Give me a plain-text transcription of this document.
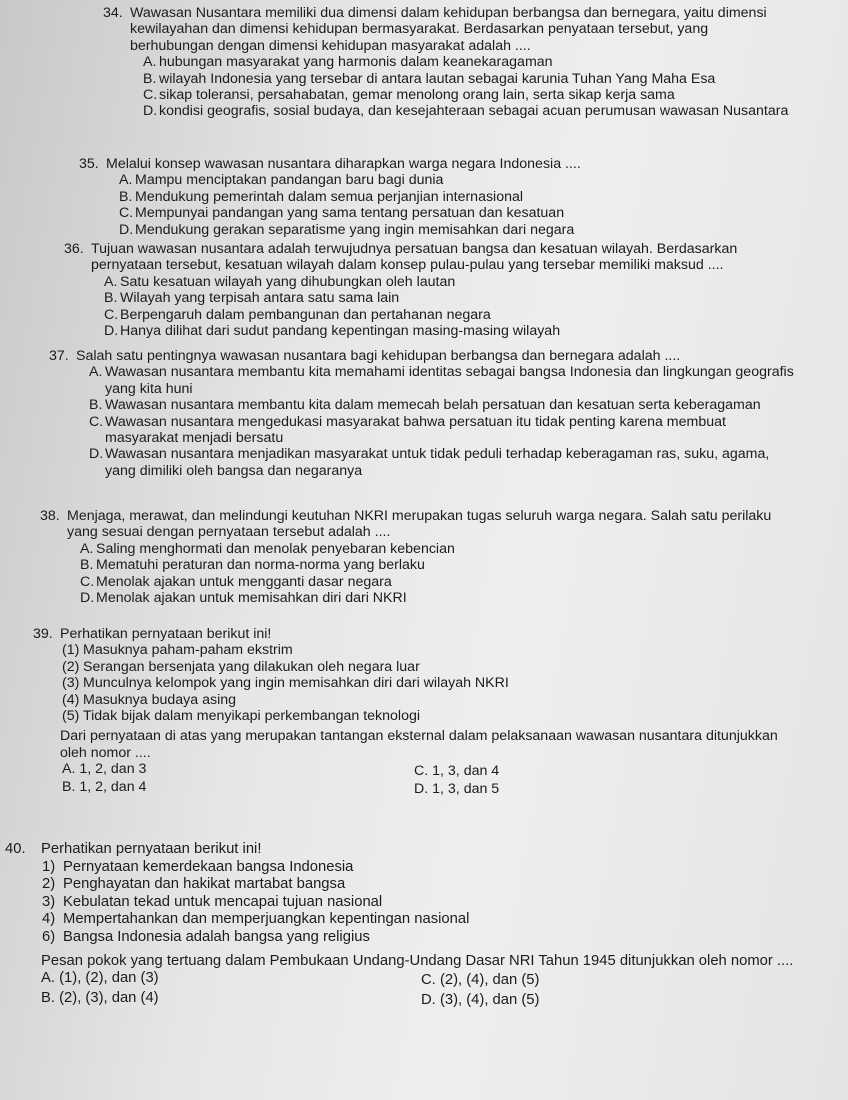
34. Wawasan Nusantara memiliki dua dimensi dalam kehidupan berbangsa dan bernegara, yaitu dimensi kewilayahan dan dimensi kehidupan bermasyarakat. Berdasarkan penyataan tersebut, yang berhubungan dengan dimensi kehidupan masyarakat adalah ....
A. hubungan masyarakat yang harmonis dalam keanekaragaman
B. wilayah Indonesia yang tersebar di antara lautan sebagai karunia Tuhan Yang Maha Esa
C. sikap toleransi, persahabatan, gemar menolong orang lain, serta sikap kerja sama
D. kondisi geografis, sosial budaya, dan kesejahteraan sebagai acuan perumusan wawasan Nusantara
35. Melalui konsep wawasan nusantara diharapkan warga negara Indonesia ....
A. Mampu menciptakan pandangan baru bagi dunia
B. Mendukung pemerintah dalam semua perjanjian internasional
C. Mempunyai pandangan yang sama tentang persatuan dan kesatuan
D. Mendukung gerakan separatisme yang ingin memisahkan dari negara
36. Tujuan wawasan nusantara adalah terwujudnya persatuan bangsa dan kesatuan wilayah. Berdasarkan pernyataan tersebut, kesatuan wilayah dalam konsep pulau-pulau yang tersebar memiliki maksud ....
A. Satu kesatuan wilayah yang dihubungkan oleh lautan
B. Wilayah yang terpisah antara satu sama lain
C. Berpengaruh dalam pembangunan dan pertahanan negara
D. Hanya dilihat dari sudut pandang kepentingan masing-masing wilayah
37. Salah satu pentingnya wawasan nusantara bagi kehidupan berbangsa dan bernegara adalah ....
A. Wawasan nusantara membantu kita memahami identitas sebagai bangsa Indonesia dan lingkungan geografis yang kita huni
B. Wawasan nusantara membantu kita dalam memecah belah persatuan dan kesatuan serta keberagaman
C. Wawasan nusantara mengedukasi masyarakat bahwa persatuan itu tidak penting karena membuat masyarakat menjadi bersatu
D. Wawasan nusantara menjadikan masyarakat untuk tidak peduli terhadap keberagaman ras, suku, agama, yang dimiliki oleh bangsa dan negaranya
38. Menjaga, merawat, dan melindungi keutuhan NKRI merupakan tugas seluruh warga negara. Salah satu perilaku yang sesuai dengan pernyataan tersebut adalah ....
A. Saling menghormati dan menolak penyebaran kebencian
B. Mematuhi peraturan dan norma-norma yang berlaku
C. Menolak ajakan untuk mengganti dasar negara
D. Menolak ajakan untuk memisahkan diri dari NKRI
39. Perhatikan pernyataan berikut ini!
(1) Masuknya paham-paham ekstrim
(2) Serangan bersenjata yang dilakukan oleh negara luar
(3) Munculnya kelompok yang ingin memisahkan diri dari wilayah NKRI
(4) Masuknya budaya asing
(5) Tidak bijak dalam menyikapi perkembangan teknologi
Dari pernyataan di atas yang merupakan tantangan eksternal dalam pelaksanaan wawasan nusantara ditunjukkan oleh nomor ....
A. 1, 2, dan 3	C. 1, 3, dan 4
B. 1, 2, dan 4	D. 1, 3, dan 5
40. Perhatikan pernyataan berikut ini!
1) Pernyataan kemerdekaan bangsa Indonesia
2) Penghayatan dan hakikat martabat bangsa
3) Kebulatan tekad untuk mencapai tujuan nasional
4) Mempertahankan dan memperjuangkan kepentingan nasional
6) Bangsa Indonesia adalah bangsa yang religius
Pesan pokok yang tertuang dalam Pembukaan Undang-Undang Dasar NRI Tahun 1945 ditunjukkan oleh nomor ....
A. (1), (2), dan (3)	C. (2), (4), dan (5)
B. (2), (3), dan (4)	D. (3), (4), dan (5)
